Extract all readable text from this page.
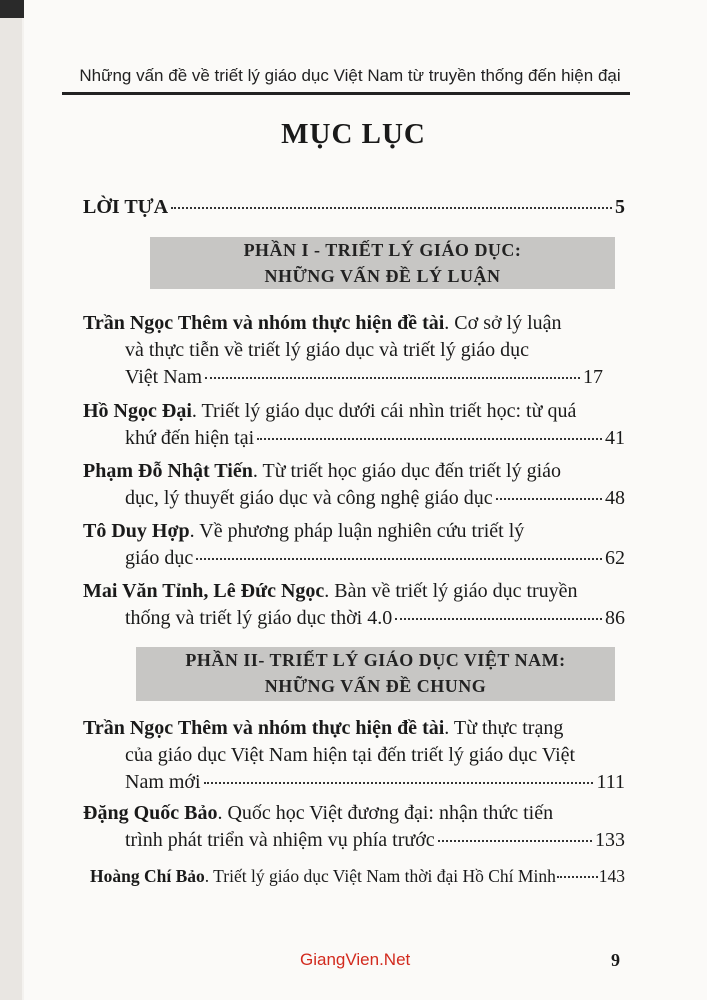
Những vấn đề về triết lý giáo dục Việt Nam từ truyền thống đến hiện đại
MỤC LỤC
LỜI TỰA	5
PHẦN I - TRIẾT LÝ GIÁO DỤC:
NHỮNG VẤN ĐỀ LÝ LUẬN
Trần Ngọc Thêm và nhóm thực hiện đề tài. Cơ sở lý luận
và thực tiễn về triết lý giáo dục và triết lý giáo dục
Việt Nam	17
Hồ Ngọc Đại. Triết lý giáo dục dưới cái nhìn triết học: từ quá
khứ đến hiện tại	41
Phạm Đỗ Nhật Tiến. Từ triết học giáo dục đến triết lý giáo
dục, lý thuyết giáo dục và công nghệ giáo dục	48
Tô Duy Hợp. Về phương pháp luận nghiên cứu triết lý
giáo dục	62
Mai Văn Tỉnh, Lê Đức Ngọc. Bàn về triết lý giáo dục truyền
thống và triết lý giáo dục thời 4.0	86
PHẦN II- TRIẾT LÝ GIÁO DỤC VIỆT NAM:
NHỮNG VẤN ĐỀ CHUNG
Trần Ngọc Thêm và nhóm thực hiện đề tài. Từ thực trạng
của giáo dục Việt Nam hiện tại đến triết lý giáo dục Việt
Nam mới	111
Đặng Quốc Bảo. Quốc học Việt đương đại: nhận thức tiến
trình phát triển và nhiệm vụ phía trước	133
Hoàng Chí Bảo . Triết lý giáo dục Việt Nam thời đại Hồ Chí Minh 143
GiangVien.Net	9
